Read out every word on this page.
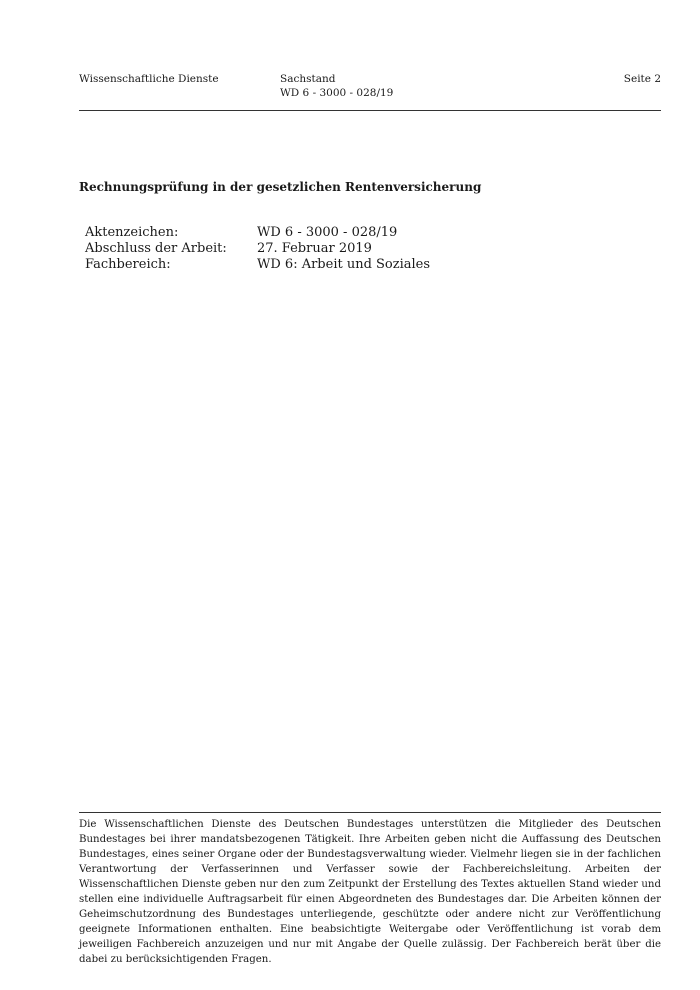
Wissenschaftliche Dienste	Sachstand
WD 6 - 3000 - 028/19
Seite 2
Rechnungsprüfung in der gesetzlichen Rentenversicherung
Aktenzeichen:	WD 6 - 3000 - 028/19
Abschluss der Arbeit:	27. Februar 2019
Fachbereich:	WD 6: Arbeit und Soziales
Die Wissenschaftlichen Dienste des Deutschen Bundestages unterstützen die Mitglieder des Deutschen Bundestages bei ihrer mandatsbezogenen Tätigkeit. Ihre Arbeiten geben nicht die Auffassung des Deutschen Bundestages, eines seiner Organe oder der Bundestagsverwaltung wieder. Vielmehr liegen sie in der fachlichen Verantwortung der Verfasserinnen und Verfasser sowie der Fachbereichsleitung. Arbeiten der Wissenschaftlichen Dienste geben nur den zum Zeitpunkt der Erstellung des Textes aktuellen Stand wieder und stellen eine individuelle Auftragsarbeit für einen Abgeordneten des Bundestages dar. Die Arbeiten können der Geheimschutzordnung des Bundestages unterliegende, geschützte oder andere nicht zur Veröffentlichung geeignete Informationen enthalten. Eine beabsichtigte Weitergabe oder Veröffentlichung ist vorab dem jeweiligen Fachbereich anzuzeigen und nur mit Angabe der Quelle zulässig. Der Fachbereich berät über die dabei zu berücksichtigenden Fragen.
